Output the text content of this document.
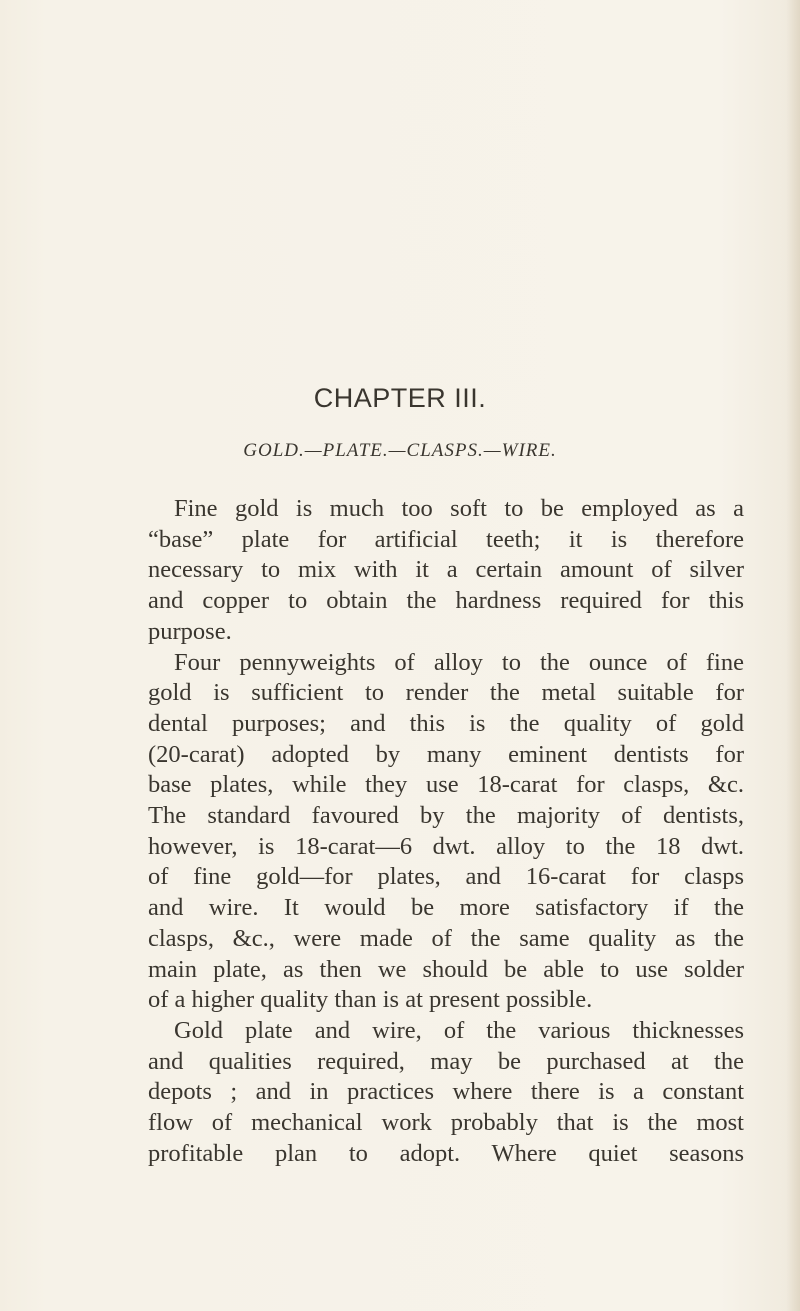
CHAPTER III.
GOLD.—PLATE.—CLASPS.—WIRE.
Fine gold is much too soft to be employed as a
“base” plate for artificial teeth; it is therefore
necessary to mix with it a certain amount of silver
and copper to obtain the hardness required for this
purpose.
Four pennyweights of alloy to the ounce of fine
gold is sufficient to render the metal suitable for
dental purposes; and this is the quality of gold
(20-carat) adopted by many eminent dentists for
base plates, while they use 18-carat for clasps, &c.
The standard favoured by the majority of dentists,
however, is 18-carat—6 dwt. alloy to the 18 dwt.
of fine gold—for plates, and 16-carat for clasps
and wire. It would be more satisfactory if the
clasps, &c., were made of the same quality as the
main plate, as then we should be able to use solder
of a higher quality than is at present possible.
Gold plate and wire, of the various thicknesses
and qualities required, may be purchased at the
depots ; and in practices where there is a constant
flow of mechanical work probably that is the most
profitable plan to adopt. Where quiet seasons
